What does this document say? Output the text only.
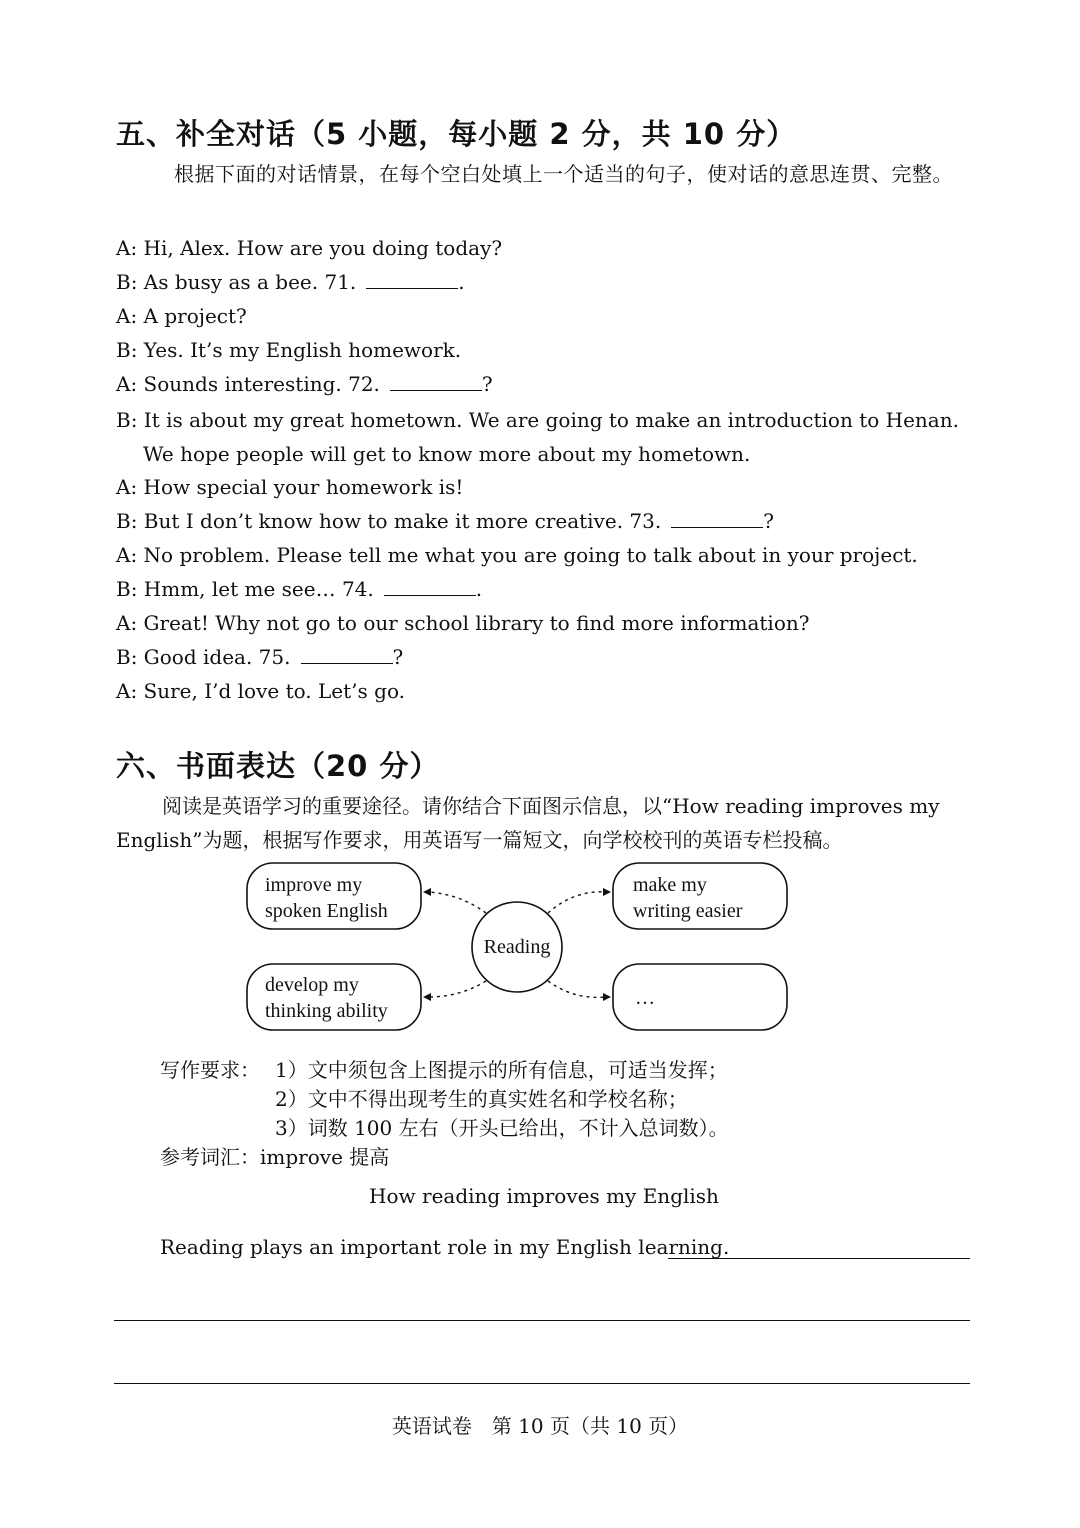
五、补全对话（5 小题，每小题 2 分，共 10 分）
根据下面的对话情景，在每个空白处填上一个适当的句子，使对话的意思连贯、完整。
A: Hi, Alex. How are you doing today?
B: As busy as a bee. 71.	.
A: A project?
B: Yes. It’s my English homework.
A: Sounds interesting. 72.	?
B: It is about my great hometown. We are going to make an introduction to Henan. We hope people will get to know more about my hometown.
A: How special your homework is!
B: But I don’t know how to make it more creative. 73.	?
A: No problem. Please tell me what you are going to talk about in your project.
B: Hmm, let me see… 74.	.
A: Great! Why not go to our school library to find more information?
B: Good idea. 75.	?
A: Sure, I’d love to. Let’s go.
六、书面表达（20 分）
阅读是英语学习的重要途径。请你结合下面图示信息，以“How reading improves my English”为题，根据写作要求，用英语写一篇短文，向学校校刊的英语专栏投稿。
improve my
spoken English
make my
writing easier
develop my
thinking ability
…
Reading
写作要求： 1）文中须包含上图提示的所有信息，可适当发挥；
2）文中不得出现考生的真实姓名和学校名称；
3）词数 100 左右（开头已给出，不计入总词数）。
参考词汇：improve 提高
How reading improves my English
Reading plays an important role in my English learning.
英语试卷　第 10 页（共 10 页）
